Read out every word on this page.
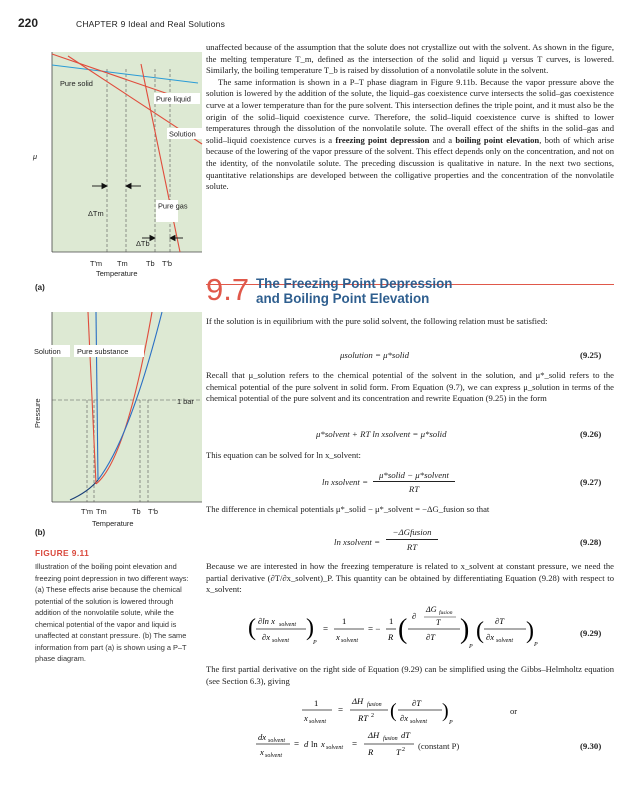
220	CHAPTER 9 Ideal and Real Solutions
Pure solid
Pure liquid
Solution
Pure gas
ΔTm
ΔTb
μ
T'm Tm Tb T'b
Temperature
(a)
Solution Pure substance
1 bar
Pressure
T'm Tm	Tb T'b
Temperature
(b)
FIGURE 9.11
Illustration of the boiling point elevation and freezing point depression in two different ways: (a) These effects arise because the chemical potential of the solution is lowered through addition of the nonvolatile solute, while the chemical potential of the vapor and liquid is unaffected at constant pressure. (b) The same information from part (a) is shown using a P–T phase diagram.

unaffected because of the assumption that the solute does not crystallize out with the solvent. As shown in the figure, the melting temperature T_m, defined as the intersection of the solid and liquid μ versus T curves, is lowered. Similarly, the boiling temperature T_b is raised by dissolution of a nonvolatile solute in the solvent.

The same information is shown in a P–T phase diagram in Figure 9.11b. Because the vapor pressure above the solution is lowered by the addition of the solute, the liquid–gas coexistence curve intersects the solid–gas coexistence curve at a lower temperature than for the pure solvent. This intersection defines the triple point, and it must also be the origin of the solid–liquid coexistence curve. Therefore, the solid–liquid coexistence curve is shifted to lower temperatures through the dissolution of the nonvolatile solute. The overall effect of the shifts in the solid–gas and solid–liquid coexistence curves is a freezing point depression and a boiling point elevation, both of which arise because of the lowering of the vapor pressure of the solvent. This effect depends only on the concentration, and not on the identity, of the nonvolatile solute. The preceding discussion is qualitative in nature. In the next two sections, quantitative relationships are developed between the colligative properties and the concentration of the nonvolatile solute.

9.7 The Freezing Point Depression
and Boiling Point Elevation
If the solution is in equilibrium with the pure solid solvent, the following relation must be satisfied:
μsolution = μ*solid	(9.25)
Recall that μ_solution refers to the chemical potential of the solvent in the solution, and μ*_solid refers to the chemical potential of the pure solvent in solid form. From Equation (9.7), we can express μ_solution in terms of the chemical potential of the pure solvent and its concentration and rewrite Equation (9.25) in the form
μ*solvent + RT ln xsolvent = μ*solid	(9.26)
This equation can be solved for ln x_solvent:
ln xsolvent =
μ*solid − μ*solvent
RT
(9.27)
The difference in chemical potentials μ*_solid − μ*_solvent = −ΔG_fusion so that
ln xsolvent =
−ΔGfusion
RT	(9.28)
Because we are interested in how the freezing temperature is related to x_solvent at constant pressure, we need the partial derivative (∂T/∂x_solvent)_P. This quantity can be obtained by differentiating Equation (9.28) with respect to x_solvent:
( ∂ln x solvent
∂x solvent )
P
=
1
x solvent
= −
1
R ( ∂
ΔG fusion
T
∂T )
P
( ∂T
∂x solvent )
P
(9.29)
The first partial derivative on the right side of Equation (9.29) can be simplified using the Gibbs–Helmholtz equation (see Section 6.3), giving
1
x solvent
=
ΔH fusion
RT 2 ( ∂T
∂x solvent )
P
or
dx solvent
x solvent
= d ln x solvent =
ΔH fusion dT
R	T 2 (constant P)	(9.30)
